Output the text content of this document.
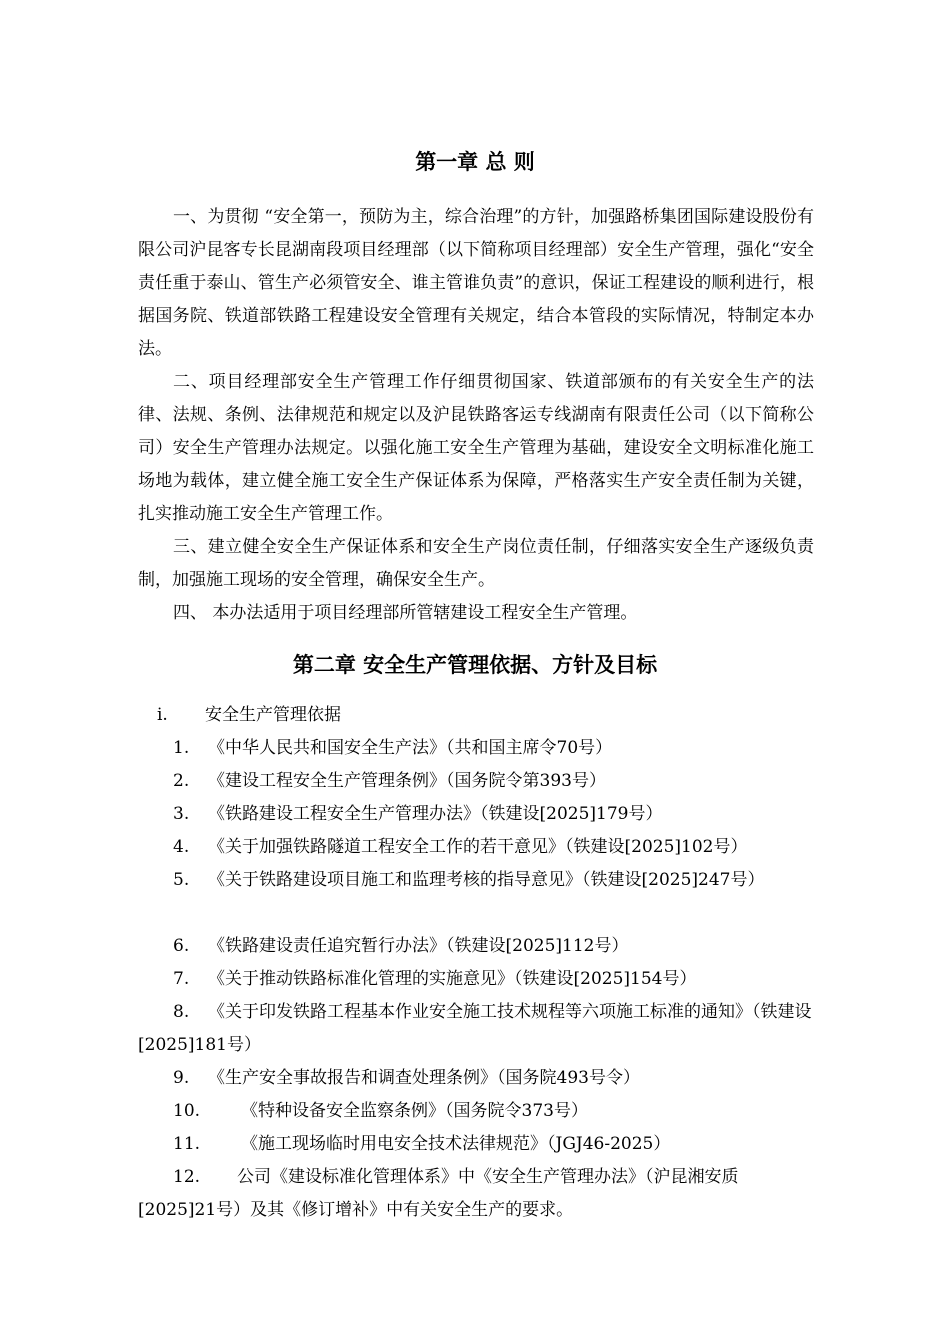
第一章 总 则

一、为贯彻 “安全第一，预防为主，综合治理”的方针，加强路桥集团国际建设股份有限公司沪昆客专长昆湖南段项目经理部（以下简称项目经理部）安全生产管理，强化“安全责任重于泰山、管生产必须管安全、谁主管谁负责”的意识，保证工程建设的顺利进行，根据国务院、铁道部铁路工程建设安全管理有关规定，结合本管段的实际情况，特制定本办法。

二、项目经理部安全生产管理工作仔细贯彻国家、铁道部颁布的有关安全生产的法律、法规、条例、法律规范和规定以及沪昆铁路客运专线湖南有限责任公司（以下简称公司）安全生产管理办法规定。以强化施工安全生产管理为基础，建设安全文明标准化施工场地为载体，建立健全施工安全生产保证体系为保障，严格落实生产安全责任制为关键，扎实推动施工安全生产管理工作。

三、建立健全安全生产保证体系和安全生产岗位责任制，仔细落实安全生产逐级负责制，加强施工现场的安全管理，确保安全生产。

四、 本办法适用于项目经理部所管辖建设工程安全生产管理。

第二章 安全生产管理依据、方针及目标
i. 安全生产管理依据
1. 《中华人民共和国安全生产法》（共和国主席令70号）
2. 《建设工程安全生产管理条例》（国务院令第393号）
3. 《铁路建设工程安全生产管理办法》（铁建设[2025]179号）
4. 《关于加强铁路隧道工程安全工作的若干意见》（铁建设[2025]102号）

5. 《关于铁路建设项目施工和监理考核的指导意见》（铁建设[2025]247号）

6. 《铁路建设责任追究暂行办法》（铁建设[2025]112号）
7. 《关于推动铁路标准化管理的实施意见》（铁建设[2025]154号）

8. 《关于印发铁路工程基本作业安全施工技术规程等六项施工标准的通知》（铁建设[2025]181号）

9. 《生产安全事故报告和调查处理条例》（国务院493号令）
10. 《特种设备安全监察条例》（国务院令373号）
11. 《施工现场临时用电安全技术法律规范》（JGJ46-2025）

12. 公司《建设标准化管理体系》中《安全生产管理办法》（沪昆湘安质[2025]21号）及其《修订增补》中有关安全生产的要求。
